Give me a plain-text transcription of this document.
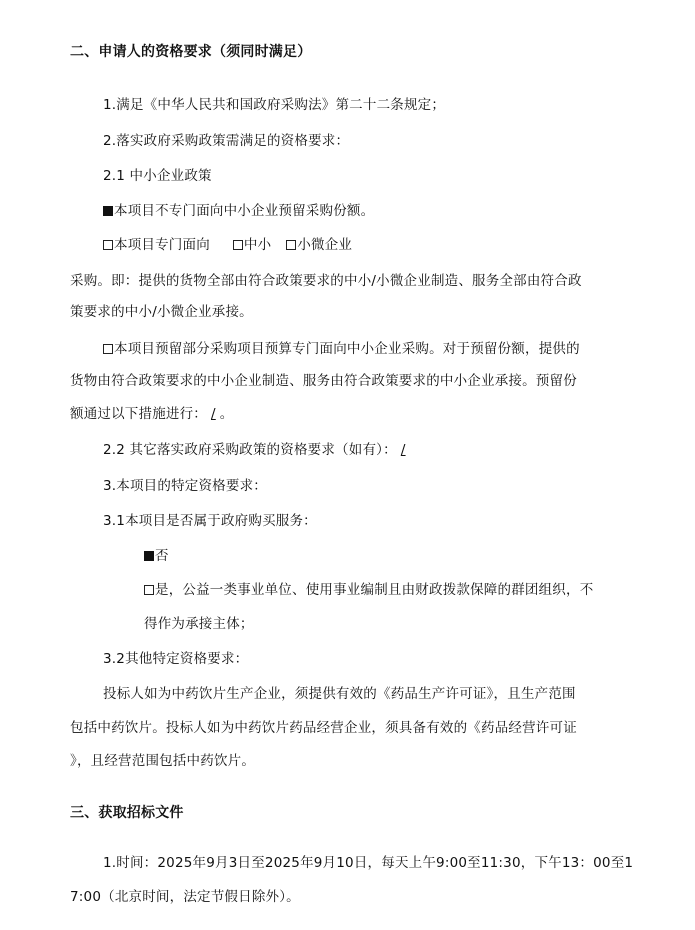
二、申请人的资格要求（须同时满足）
1.满足《中华人民共和国政府采购法》第二十二条规定；
2.落实政府采购政策需满足的资格要求：
2.1 中小企业政策
本项目不专门面向中小企业预留采购份额。
本项目专门面向	中小 小微企业
采购。即：提供的货物全部由符合政策要求的中小/小微企业制造、服务全部由符合政
策要求的中小/小微企业承接。
本项目预留部分采购项目预算专门面向中小企业采购。对于预留份额，提供的
货物由符合政策要求的中小企业制造、服务由符合政策要求的中小企业承接。预留份
额通过以下措施进行： / 。
2.2 其它落实政府采购政策的资格要求（如有）： /
3.本项目的特定资格要求：
3.1本项目是否属于政府购买服务：
否
是，公益一类事业单位、使用事业编制且由财政拨款保障的群团组织，不
得作为承接主体；
3.2其他特定资格要求：
投标人如为中药饮片生产企业，须提供有效的《药品生产许可证》，且生产范围
包括中药饮片。投标人如为中药饮片药品经营企业，须具备有效的《药品经营许可证
》，且经营范围包括中药饮片。
三、获取招标文件
1.时间：2025年9月3日至2025年9月10日，每天上午9:00至11:30，下午13：00至1
7:00（北京时间，法定节假日除外）。
